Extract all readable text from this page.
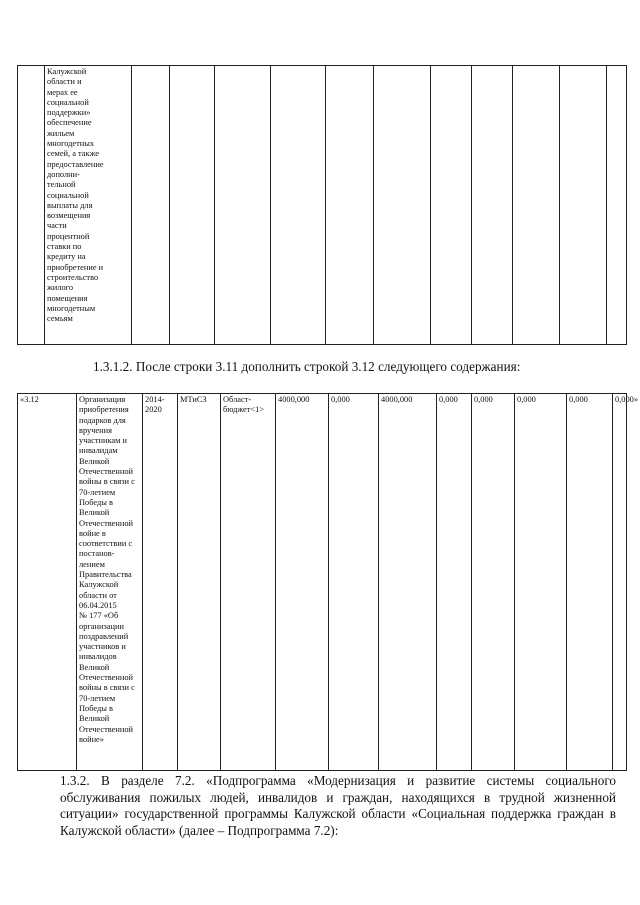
Калужской
области и
мерах ее
социальной
поддержки»
обеспечение
жильем
многодетных
семей, а также
предоставление
дополни-
тельной
социальной
выплаты для
возмещения
части
процентной
ставки по
кредиту на
приобретение и
строительство
жилого
помещения
многодетным
семьям

1.3.1.2. После строки 3.11 дополнить строкой 3.12 следующего содержания:

«3.12	Организация
приобретения
подарков для
вручения
участникам и
инвалидам
Великой
Отечественной
войны в связи с
70-летием
Победы в
Великой
Отечественной
войне в
соответствии с
постанов-
лением
Правительства
Калужской
области от
06.04.2015
№ 177 «Об
организации
поздравлений
участников и
инвалидов
Великой
Отечественной
войны в связи с
70-летием
Победы в
Великой
Отечественной
войне»
	2014-2020	МТиСЗ	Област-бюджет<1>
	4000,000	0,000	4000,000	0,000	0,000	0,000	0,000	0,000»

1.3.2. В разделе 7.2. «Подпрограмма «Модернизация и развитие системы социального обслуживания пожилых людей, инвалидов и граждан, находящихся в трудной жизненной ситуации» государственной программы Калужской области «Социальная поддержка граждан в Калужской области» (далее – Подпрограмма 7.2):
